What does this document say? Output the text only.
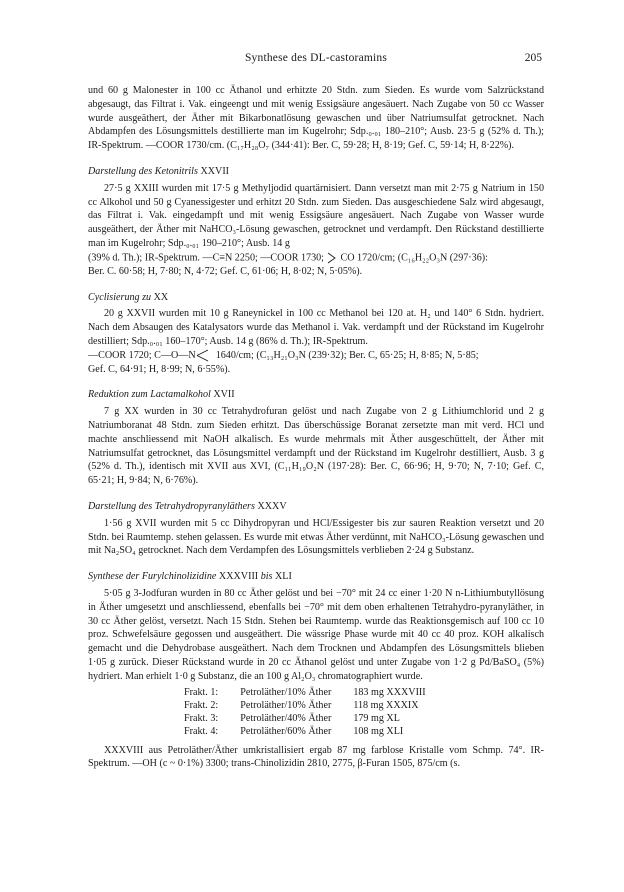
Synthese des DL-castoramins	205

und 60 g Malonester in 100 cc Äthanol und erhitzte 20 Stdn. zum Sieden. Es wurde vom Salzrückstand abgesaugt, das Filtrat i. Vak. eingeengt und mit wenig Essigsäure angesäuert. Nach Zugabe von 50 cc Wasser wurde ausgeäthert, der Äther mit Bikarbonatlösung gewaschen und über Natriumsulfat getrocknet. Nach Abdampfen des Lösungsmittels destillierte man im Kugelrohr; Sdp.₀.₀₁ 180–210°; Ausb. 23·5 g (52% d. Th.); IR-Spektrum. —COOR 1730/cm. (C₁₇H₂₈O₇ (344·41): Ber. C, 59·28; H, 8·19; Gef. C, 59·14; H, 8·22%).

Darstellung des Ketonitrils XXVII

27·5 g XXIII wurden mit 17·5 g Methyljodid quartärnisiert. Dann versetzt man mit 2·75 g Natrium in 150 cc Alkohol und 50 g Cyanessigester und erhitzt 20 Stdn. zum Sieden. Das ausgeschiedene Salz wird abgesaugt, das Filtrat i. Vak. eingedampft und mit wenig Essigsäure angesäuert. Nach Zugabe von Wasser wurde ausgeäthert, der Äther mit NaHCO₃-Lösung gewaschen, getrocknet und verdampft. Den Rückstand destillierte man im Kugelrohr; Sdp.₀.₀₁ 190–210°; Ausb. 14 g

(39% d. Th.); IR-Spektrum. —C≡N 2250; —COOR 1730; CO 1720/cm; (C₁₆H₂₂O₃N (297·36):

Ber. C. 60·58; H, 7·80; N, 4·72; Gef. C, 61·06; H, 8·02; N, 5·05%).

Cyclisierung zu XX

20 g XXVII wurden mit 10 g Raneynickel in 100 cc Methanol bei 120 at. H₂ und 140° 6 Stdn. hydriert. Nach dem Absaugen des Katalysators wurde das Methanol i. Vak. verdampft und der Rückstand im Kugelrohr destilliert; Sdp.₀.₀₁ 160–170°; Ausb. 14 g (86% d. Th.); IR-Spektrum.

—COOR 1720; C—O—N 1640/cm; (C₁₃H₂₁O₃N (239·32); Ber. C, 65·25; H, 8·85; N, 5·85;

Gef. C, 64·91; H, 8·99; N, 6·55%).

Reduktion zum Lactamalkohol XVII

7 g XX wurden in 30 cc Tetrahydrofuran gelöst und nach Zugabe von 2 g Lithiumchlorid und 2 g Natriumboranat 48 Stdn. zum Sieden erhitzt. Das überschüssige Boranat zersetzte man mit verd. HCl und machte anschliessend mit NaOH alkalisch. Es wurde mehrmals mit Äther ausgeschüttelt, der Äther mit Natriumsulfat getrocknet, das Lösungsmittel verdampft und der Rückstand im Kugelrohr destilliert, Ausb. 3 g (52% d. Th.), identisch mit XVII aus XVI, (C₁₁H₁₉O₂N (197·28): Ber. C, 66·96; H, 9·70; N, 7·10; Gef. C, 65·21; H, 9·84; N, 6·76%).

Darstellung des Tetrahydropyranyläthers XXXV

1·56 g XVII wurden mit 5 cc Dihydropyran und HCl/Essigester bis zur sauren Reaktion versetzt und 20 Stdn. bei Raumtemp. stehen gelassen. Es wurde mit etwas Äther verdünnt, mit NaHCO₃-Lösung gewaschen und mit Na₂SO₄ getrocknet. Nach dem Verdampfen des Lösungsmittels verblieben 2·24 g Substanz.

Synthese der Furylchinolizidine XXXVIII bis XLI

5·05 g 3-Jodfuran wurden in 80 cc Äther gelöst und bei −70° mit 24 cc einer 1·20 N n-Lithiumbutyllösung in Äther umgesetzt und anschliessend, ebenfalls bei −70° mit dem oben erhaltenen Tetrahydro-pyranyläther, in 30 cc Äther gelöst, versetzt. Nach 15 Stdn. Stehen bei Raumtemp. wurde das Reaktionsgemisch auf 100 cc 10 proz. Schwefelsäure gegossen und ausgeäthert. Die wässrige Phase wurde mit 40 cc 40 proz. KOH alkalisch gemacht und die Dehydrobase ausgeäthert. Nach dem Trocknen und Abdampfen des Lösungsmittels blieben 1·05 g zurück. Dieser Rückstand wurde in 20 cc Äthanol gelöst und unter Zugabe von 1·2 g Pd/BaSO₄ (5%) hydriert. Man erhielt 1·0 g Substanz, die an 100 g Al₂O₃ chromatographiert wurde.

Frakt. 1:	Petroläther/10% Äther	183 mg XXXVIII
Frakt. 2:	Petroläther/10% Äther	118 mg XXXIX
Frakt. 3:	Petroläther/40% Äther	179 mg XL
Frakt. 4:	Petroläther/60% Äther	108 mg XLI

XXXVIII aus Petroläther/Äther umkristallisiert ergab 87 mg farblose Kristalle vom Schmp. 74°. IR-Spektrum. —OH (c ~ 0·1%) 3300; trans-Chinolizidin 2810, 2775, β-Furan 1505, 875/cm (s.
